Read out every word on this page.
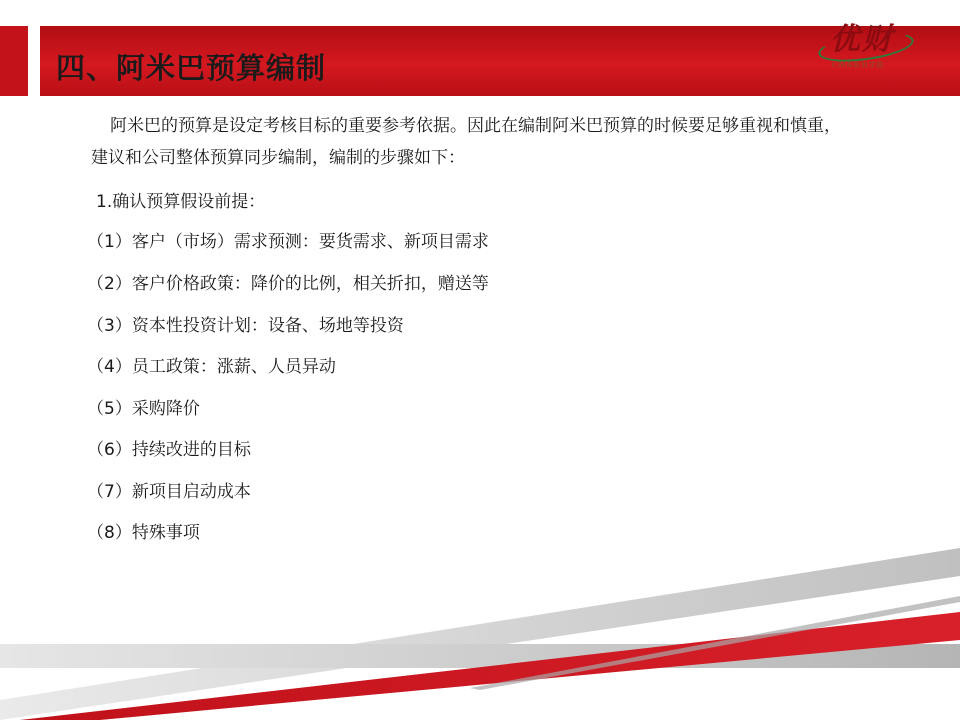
四、阿米巴预算编制
优财
CMA培训学院
阿米巴的预算是设定考核目标的重要参考依据。因此在编制阿米巴预算的时候要足够重视和慎重，
建议和公司整体预算同步编制，编制的步骤如下：
1.确认预算假设前提：
（1）客户（市场）需求预测：要货需求、新项目需求
（2）客户价格政策：降价的比例，相关折扣，赠送等
（3）资本性投资计划：设备、场地等投资
（4）员工政策：涨薪、人员异动
（5）采购降价
（6）持续改进的目标
（7）新项目启动成本
（8）特殊事项
